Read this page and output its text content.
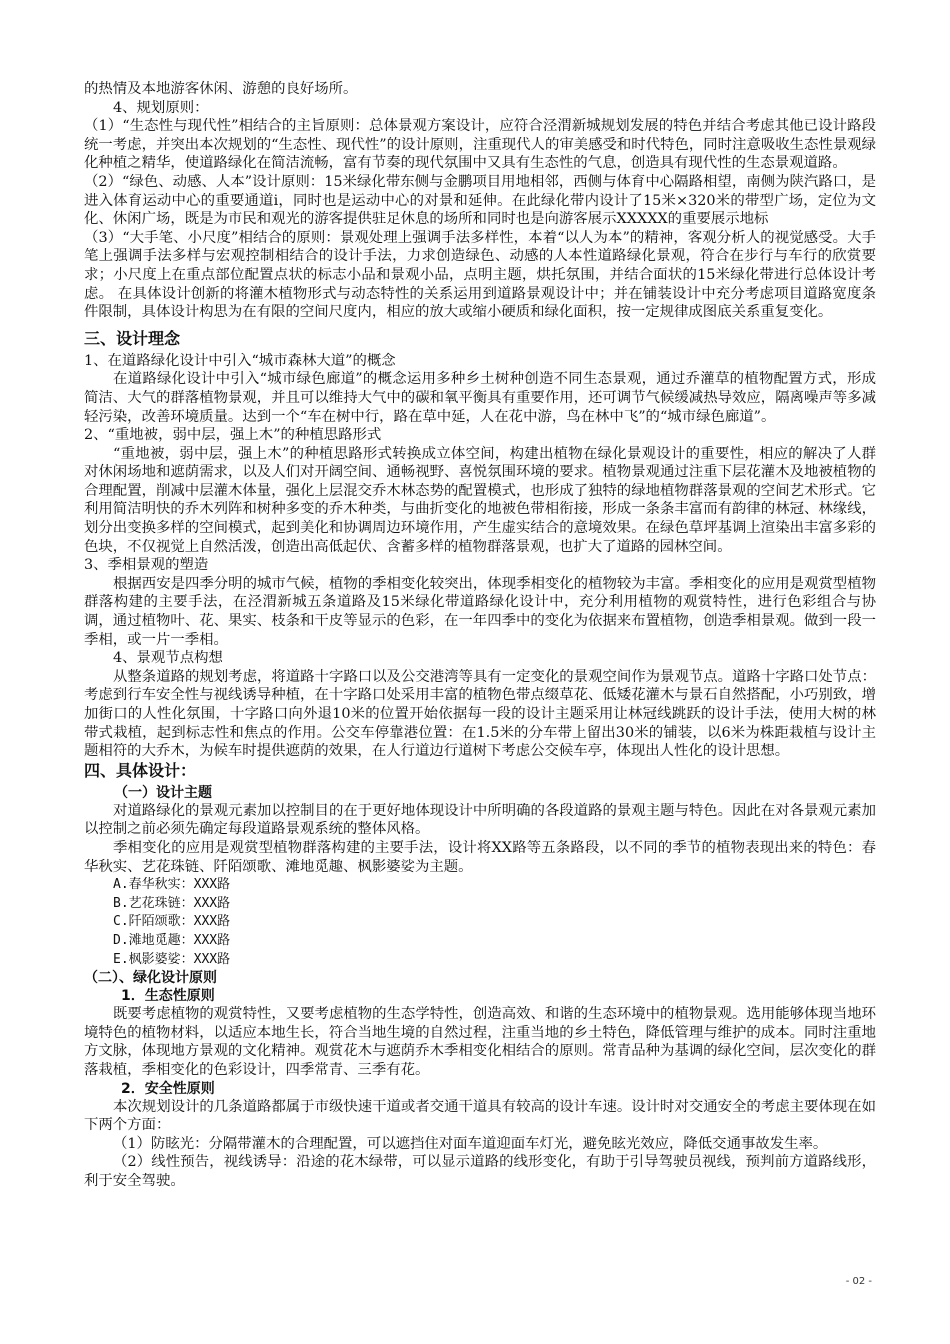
的热情及本地游客休闲、游憩的良好场所。

4、规划原则：

（1）“生态性与现代性”相结合的主旨原则：总体景观方案设计，应符合泾渭新城规划发展的特色并结合考虑其他已设计路段统一考虑，并突出本次规划的“生态性、现代性”的设计原则，注重现代人的审美感受和时代特色，同时注意吸收生态性景观绿化种植之精华，使道路绿化在简洁流畅，富有节奏的现代氛围中又具有生态性的气息，创造具有现代性的生态景观道路。

（2）“绿色、动感、人本”设计原则：15米绿化带东侧与金鹏项目用地相邻，西侧与体育中心隔路相望，南侧为陕汽路口，是进入体育运动中心的重要通道i，同时也是运动中心的对景和延伸。在此绿化带内设计了15米×320米的带型广场，定位为文化、休闲广场，既是为市民和观光的游客提供驻足休息的场所和同时也是向游客展示XXXXX的重要展示地标

（3）“大手笔、小尺度”相结合的原则：景观处理上强调手法多样性，本着“以人为本”的精神，客观分析人的视觉感受。大手笔上强调手法多样与宏观控制相结合的设计手法，力求创造绿色、动感的人本性道路绿化景观，符合在步行与车行的欣赏要求；小尺度上在重点部位配置点状的标志小品和景观小品，点明主题，烘托氛围，并结合面状的15米绿化带进行总体设计考虑。 在具体设计创新的将灌木植物形式与动态特性的关系运用到道路景观设计中；并在铺装设计中充分考虑项目道路宽度条件限制，具体设计构思为在有限的空间尺度内，相应的放大或缩小硬质和绿化面积，按一定规律成图底关系重复变化。

三、设计理念

1、在道路绿化设计中引入“城市森林大道”的概念

在道路绿化设计中引入“城市绿色廊道”的概念运用多种乡土树种创造不同生态景观，通过乔灌草的植物配置方式，形成简洁、大气的群落植物景观，并且可以维持大气中的碳和氧平衡具有重要作用，还可调节气候缓减热导效应，隔离噪声等多减轻污染，改善环境质量。达到一个“车在树中行，路在草中延，人在花中游，鸟在林中飞”的“城市绿色廊道”。

2、“重地被，弱中层，强上木”的种植思路形式

“重地被，弱中层，强上木”的种植思路形式转换成立体空间，构建出植物在绿化景观设计的重要性，相应的解决了人群对休闲场地和遮荫需求，以及人们对开阔空间、通畅视野、喜悦氛围环境的要求。植物景观通过注重下层花灌木及地被植物的合理配置，削减中层灌木体量，强化上层混交乔木林态势的配置模式，也形成了独特的绿地植物群落景观的空间艺术形式。它利用简洁明快的乔木列阵和树种多变的乔木种类，与曲折变化的地被色带相衔接，形成一条条丰富而有韵律的林冠、林缘线，划分出变换多样的空间模式，起到美化和协调周边环境作用，产生虚实结合的意境效果。在绿色草坪基调上渲染出丰富多彩的色块，不仅视觉上自然活泼，创造出高低起伏、含蓄多样的植物群落景观，也扩大了道路的园林空间。

3、季相景观的塑造

根据西安是四季分明的城市气候，植物的季相变化较突出，体现季相变化的植物较为丰富。季相变化的应用是观赏型植物群落构建的主要手法，在泾渭新城五条道路及15米绿化带道路绿化设计中，充分利用植物的观赏特性，进行色彩组合与协调，通过植物叶、花、果实、枝条和干皮等显示的色彩，在一年四季中的变化为依据来布置植物，创造季相景观。做到一段一季相，或一片一季相。

4、景观节点构想

从整条道路的规划考虑，将道路十字路口以及公交港湾等具有一定变化的景观空间作为景观节点。道路十字路口处节点：考虑到行车安全性与视线诱导种植，在十字路口处采用丰富的植物色带点缀草花、低矮花灌木与景石自然搭配，小巧别致，增加街口的人性化氛围，十字路口向外退10米的位置开始依据每一段的设计主题采用让林冠线跳跃的设计手法，使用大树的林带式栽植，起到标志性和焦点的作用。公交车停靠港位置：在1.5米的分车带上留出30米的铺装，以6米为株距栽植与设计主题相符的大乔木，为候车时提供遮荫的效果，在人行道边行道树下考虑公交候车亭，体现出人性化的设计思想。

四、具体设计：
（一）设计主题

对道路绿化的景观元素加以控制目的在于更好地体现设计中所明确的各段道路的景观主题与特色。因此在对各景观元素加以控制之前必须先确定每段道路景观系统的整体风格。

季相变化的应用是观赏型植物群落构建的主要手法，设计将XX路等五条路段，以不同的季节的植物表现出来的特色：春华秋实、艺花珠链、阡陌颂歌、滩地觅趣、枫影婆娑为主题。

A.春华秋实：XXX路
B.艺花珠链：XXX路
C.阡陌颂歌：XXX路
D.滩地觅趣：XXX路
E.枫影婆娑：XXX路
（二）、绿化设计原则
1．生态性原则

既要考虑植物的观赏特性，又要考虑植物的生态学特性，创造高效、和谐的生态环境中的植物景观。选用能够体现当地环境特色的植物材料，以适应本地生长，符合当地生境的自然过程，注重当地的乡土特色，降低管理与维护的成本。同时注重地方文脉，体现地方景观的文化精神。观赏花木与遮荫乔木季相变化相结合的原则。常青品种为基调的绿化空间，层次变化的群落栽植，季相变化的色彩设计，四季常青、三季有花。

2．安全性原则

本次规划设计的几条道路都属于市级快速干道或者交通干道具有较高的设计车速。设计时对交通安全的考虑主要体现在如下两个方面：

（1）防眩光：分隔带灌木的合理配置，可以遮挡住对面车道迎面车灯光，避免眩光效应，降低交通事故发生率。

（2）线性预告，视线诱导：沿途的花木绿带，可以显示道路的线形变化，有助于引导驾驶员视线，预判前方道路线形，利于安全驾驶。

- 02 -
